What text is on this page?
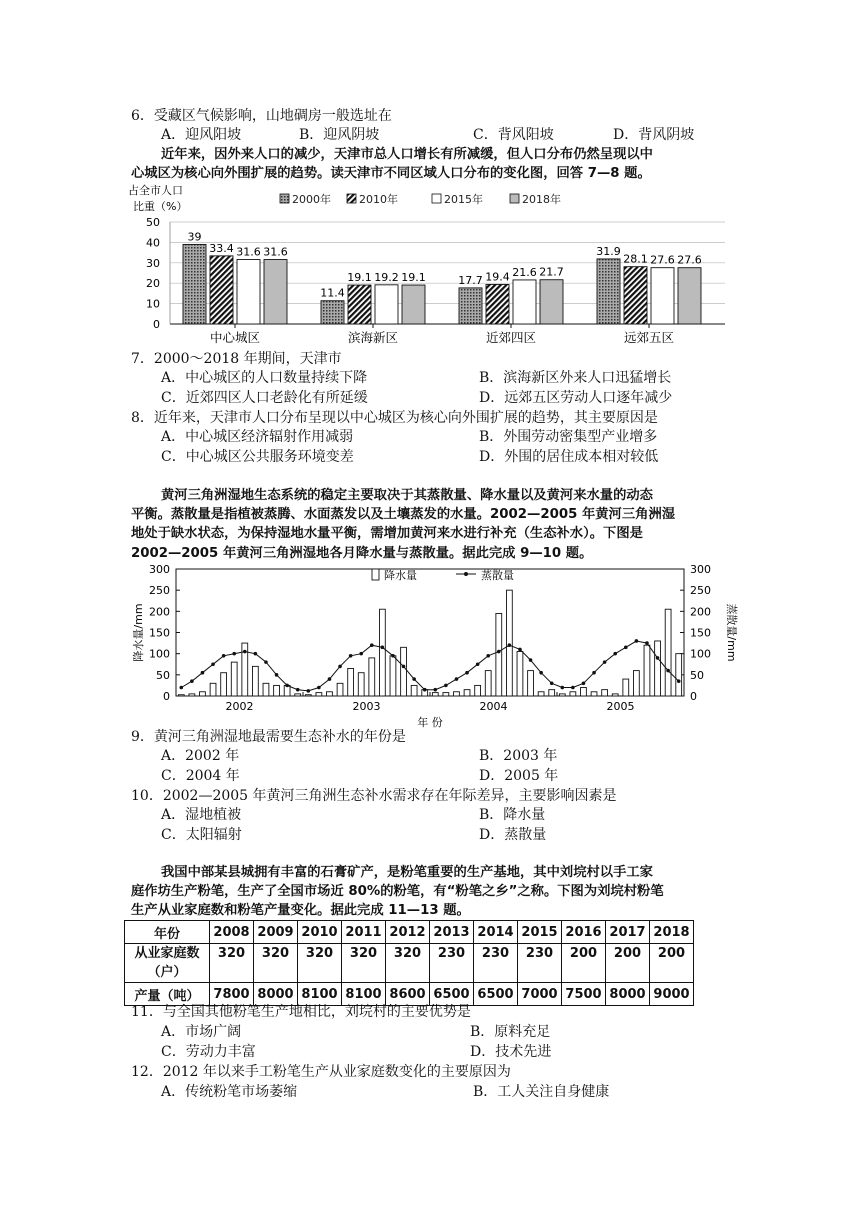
6．受藏区气候影响，山地碉房一般选址在
A．迎风阳坡	B．迎风阴坡	C．背风阳坡	D．背风阴坡
近年来，因外来人口的减少，天津市总人口增长有所减缓，但人口分布仍然呈现以中
心城区为核心向外围扩展的趋势。读天津市不同区域人口分布的变化图，回答 7—8 题。
占全市人口
比重（%）
2000年	2010年	2015年	2018年
0
10
20
30
40
50
39
33.4 31.6 31.6
中心城区
11.4
19.1 19.2 19.1
滨海新区
17.7 19.4 21.6 21.7
近郊四区
31.9
28.1 27.6 27.6
远郊五区
7．2000～2018 年期间，天津市
A．中心城区的人口数量持续下降	B．滨海新区外来人口迅猛增长
C．近郊四区人口老龄化有所延缓	D．远郊五区劳动人口逐年减少
8．近年来，天津市人口分布呈现以中心城区为核心向外围扩展的趋势，其主要原因是
A．中心城区经济辐射作用减弱	B．外围劳动密集型产业增多
C．中心城区公共服务环境变差	D．外围的居住成本相对较低
黄河三角洲湿地生态系统的稳定主要取决于其蒸散量、降水量以及黄河来水量的动态
平衡。蒸散量是指植被蒸腾、水面蒸发以及土壤蒸发的水量。2002—2005 年黄河三角洲湿
地处于缺水状态，为保持湿地水量平衡，需增加黄河来水进行补充（生态补水）。下图是
2002—2005 年黄河三角洲湿地各月降水量与蒸散量。据此完成 9—10 题。
0	0
50	50
100	100
150	150
200	200
250	250
300	300
降水量/mm	蒸散量/mm
降水量	蒸散量
2002	2003	2004	2005
年 份
9．黄河三角洲湿地最需要生态补水的年份是
A．2002 年	B．2003 年
C．2004 年	D．2005 年
10．2002—2005 年黄河三角洲生态补水需求存在年际差异，主要影响因素是
A．湿地植被	B．降水量
C．太阳辐射	D．蒸散量
我国中部某县城拥有丰富的石膏矿产，是粉笔重要的生产基地，其中刘垸村以手工家
庭作坊生产粉笔，生产了全国市场近 80%的粉笔，有“粉笔之乡”之称。下图为刘垸村粉笔
生产从业家庭数和粉笔产量变化。据此完成 11—13 题。
年份	2008	2009	2010	2011	2012	2013	2014	2015	2016	2017	2018

从业家庭数
（户）	320	320	320	320	320	230	230	230	200	200	200
产量（吨）	7800	8000	8100	8100	8600	6500	6500	7000	7500	8000	9000
11．与全国其他粉笔生产地相比，刘垸村的主要优势是
A．市场广阔	B．原料充足
C．劳动力丰富	D．技术先进
12．2012 年以来手工粉笔生产从业家庭数变化的主要原因为
A．传统粉笔市场萎缩	B．工人关注自身健康
